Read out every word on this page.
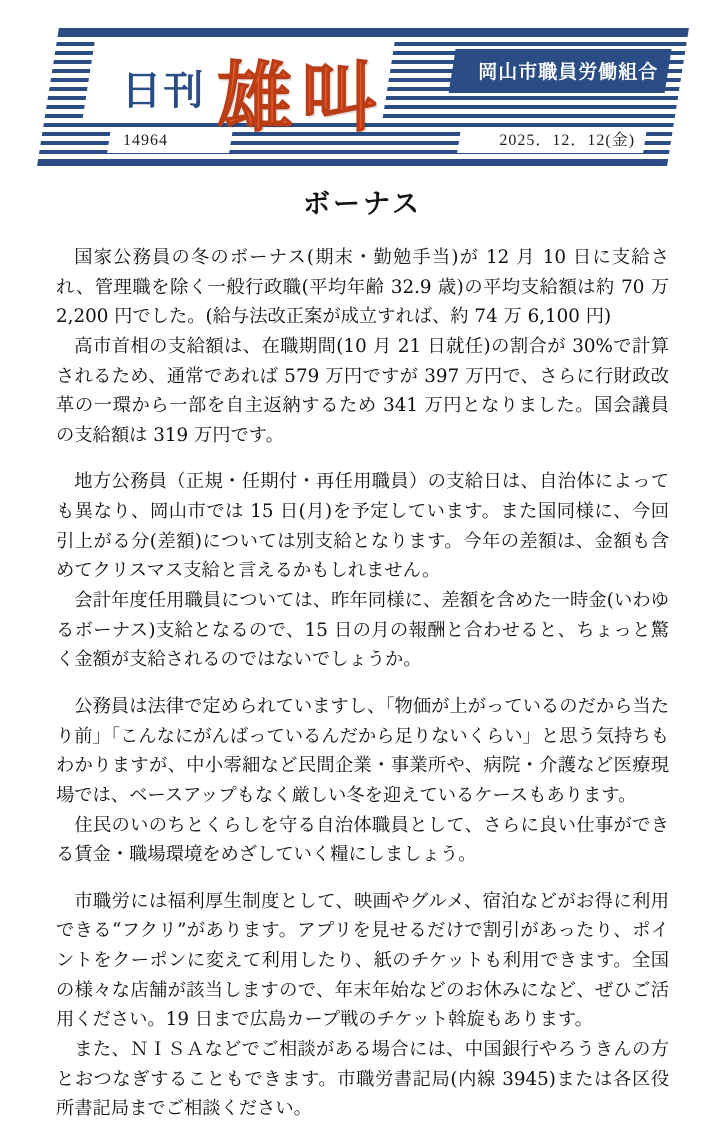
日刊 雄叫	岡山市職員労働組合
14964	2025．12．12(金)
ボーナス

国家公務員の冬のボーナス(期末・勤勉手当)が 12 月 10 日に支給され、管理職を除く一般行政職(平均年齢 32.9 歳)の平均支給額は約 70 万 2,200 円でした。(給与法改正案が成立すれば、約 74 万 6,100 円)

高市首相の支給額は、在職期間(10 月 21 日就任)の割合が 30%で計算されるため、通常であれば 579 万円ですが 397 万円で、さらに行財政改革の一環から一部を自主返納するため 341 万円となりました。国会議員の支給額は 319 万円です。

地方公務員（正規・任期付・再任用職員）の支給日は、自治体によっても異なり、岡山市では 15 日(月)を予定しています。また国同様に、今回引上がる分(差額)については別支給となります。今年の差額は、金額も含めてクリスマス支給と言えるかもしれません。

会計年度任用職員については、昨年同様に、差額を含めた一時金(いわゆるボーナス)支給となるので、15 日の月の報酬と合わせると、ちょっと驚く金額が支給されるのではないでしょうか。

公務員は法律で定められていますし、「物価が上がっているのだから当たり前」「こんなにがんばっているんだから足りないくらい」と思う気持ちもわかりますが、中小零細など民間企業・事業所や、病院・介護など医療現場では、ベースアップもなく厳しい冬を迎えているケースもあります。

住民のいのちとくらしを守る自治体職員として、さらに良い仕事ができる賃金・職場環境をめざしていく糧にしましょう。

市職労には福利厚生制度として、映画やグルメ、宿泊などがお得に利用できる“フクリ”があります。アプリを見せるだけで割引があったり、ポイントをクーポンに変えて利用したり、紙のチケットも利用できます。全国の様々な店舗が該当しますので、年末年始などのお休みになど、ぜひご活用ください。19 日まで広島カープ戦のチケット斡旋もあります。

また、ＮＩＳＡなどでご相談がある場合には、中国銀行やろうきんの方とおつなぎすることもできます。市職労書記局(内線 3945)または各区役所書記局までご相談ください。
